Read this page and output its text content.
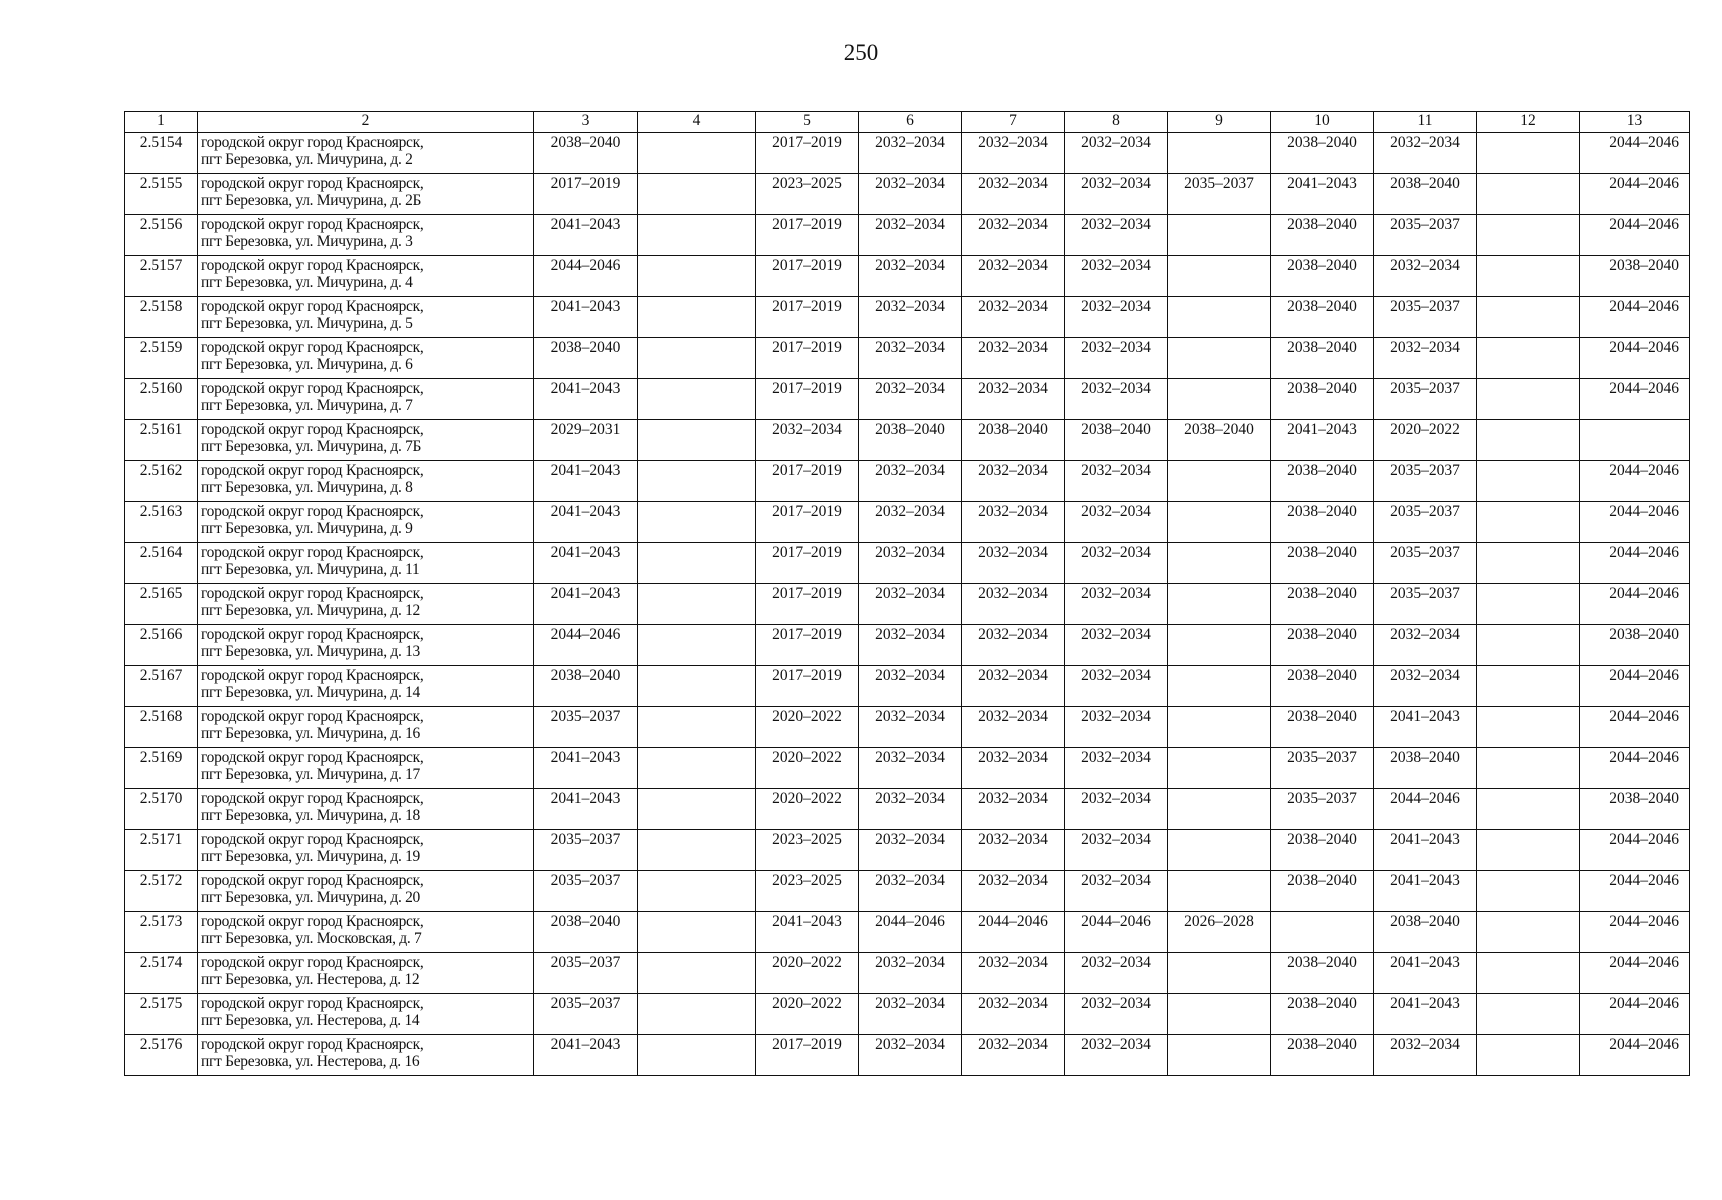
250
1	2	3	4	5	6	7	8	9	10	11	12	13
2.5154	городской округ город Красноярск,
пгт Березовка, ул. Мичурина, д. 2	2038–2040		2017–2019	2032–2034	2032–2034	2032–2034		2038–2040	2032–2034		2044–2046
2.5155	городской округ город Красноярск,
пгт Березовка, ул. Мичурина, д. 2Б	2017–2019		2023–2025	2032–2034	2032–2034	2032–2034	2035–2037	2041–2043	2038–2040		2044–2046
2.5156	городской округ город Красноярск,
пгт Березовка, ул. Мичурина, д. 3	2041–2043		2017–2019	2032–2034	2032–2034	2032–2034		2038–2040	2035–2037		2044–2046
2.5157	городской округ город Красноярск,
пгт Березовка, ул. Мичурина, д. 4	2044–2046		2017–2019	2032–2034	2032–2034	2032–2034		2038–2040	2032–2034		2038–2040
2.5158	городской округ город Красноярск,
пгт Березовка, ул. Мичурина, д. 5	2041–2043		2017–2019	2032–2034	2032–2034	2032–2034		2038–2040	2035–2037		2044–2046
2.5159	городской округ город Красноярск,
пгт Березовка, ул. Мичурина, д. 6	2038–2040		2017–2019	2032–2034	2032–2034	2032–2034		2038–2040	2032–2034		2044–2046
2.5160	городской округ город Красноярск,
пгт Березовка, ул. Мичурина, д. 7	2041–2043		2017–2019	2032–2034	2032–2034	2032–2034		2038–2040	2035–2037		2044–2046
2.5161	городской округ город Красноярск,
пгт Березовка, ул. Мичурина, д. 7Б	2029–2031		2032–2034	2038–2040	2038–2040	2038–2040	2038–2040	2041–2043	2020–2022		
2.5162	городской округ город Красноярск,
пгт Березовка, ул. Мичурина, д. 8	2041–2043		2017–2019	2032–2034	2032–2034	2032–2034		2038–2040	2035–2037		2044–2046
2.5163	городской округ город Красноярск,
пгт Березовка, ул. Мичурина, д. 9	2041–2043		2017–2019	2032–2034	2032–2034	2032–2034		2038–2040	2035–2037		2044–2046
2.5164	городской округ город Красноярск,
пгт Березовка, ул. Мичурина, д. 11	2041–2043		2017–2019	2032–2034	2032–2034	2032–2034		2038–2040	2035–2037		2044–2046
2.5165	городской округ город Красноярск,
пгт Березовка, ул. Мичурина, д. 12	2041–2043		2017–2019	2032–2034	2032–2034	2032–2034		2038–2040	2035–2037		2044–2046
2.5166	городской округ город Красноярск,
пгт Березовка, ул. Мичурина, д. 13	2044–2046		2017–2019	2032–2034	2032–2034	2032–2034		2038–2040	2032–2034		2038–2040
2.5167	городской округ город Красноярск,
пгт Березовка, ул. Мичурина, д. 14	2038–2040		2017–2019	2032–2034	2032–2034	2032–2034		2038–2040	2032–2034		2044–2046
2.5168	городской округ город Красноярск,
пгт Березовка, ул. Мичурина, д. 16	2035–2037		2020–2022	2032–2034	2032–2034	2032–2034		2038–2040	2041–2043		2044–2046
2.5169	городской округ город Красноярск,
пгт Березовка, ул. Мичурина, д. 17	2041–2043		2020–2022	2032–2034	2032–2034	2032–2034		2035–2037	2038–2040		2044–2046
2.5170	городской округ город Красноярск,
пгт Березовка, ул. Мичурина, д. 18	2041–2043		2020–2022	2032–2034	2032–2034	2032–2034		2035–2037	2044–2046		2038–2040
2.5171	городской округ город Красноярск,
пгт Березовка, ул. Мичурина, д. 19	2035–2037		2023–2025	2032–2034	2032–2034	2032–2034		2038–2040	2041–2043		2044–2046
2.5172	городской округ город Красноярск,
пгт Березовка, ул. Мичурина, д. 20	2035–2037		2023–2025	2032–2034	2032–2034	2032–2034		2038–2040	2041–2043		2044–2046
2.5173	городской округ город Красноярск,
пгт Березовка, ул. Московская, д. 7	2038–2040		2041–2043	2044–2046	2044–2046	2044–2046	2026–2028		2038–2040		2044–2046
2.5174	городской округ город Красноярск,
пгт Березовка, ул. Нестерова, д. 12	2035–2037		2020–2022	2032–2034	2032–2034	2032–2034		2038–2040	2041–2043		2044–2046
2.5175	городской округ город Красноярск,
пгт Березовка, ул. Нестерова, д. 14	2035–2037		2020–2022	2032–2034	2032–2034	2032–2034		2038–2040	2041–2043		2044–2046
2.5176	городской округ город Красноярск,
пгт Березовка, ул. Нестерова, д. 16	2041–2043		2017–2019	2032–2034	2032–2034	2032–2034		2038–2040	2032–2034		2044–2046
